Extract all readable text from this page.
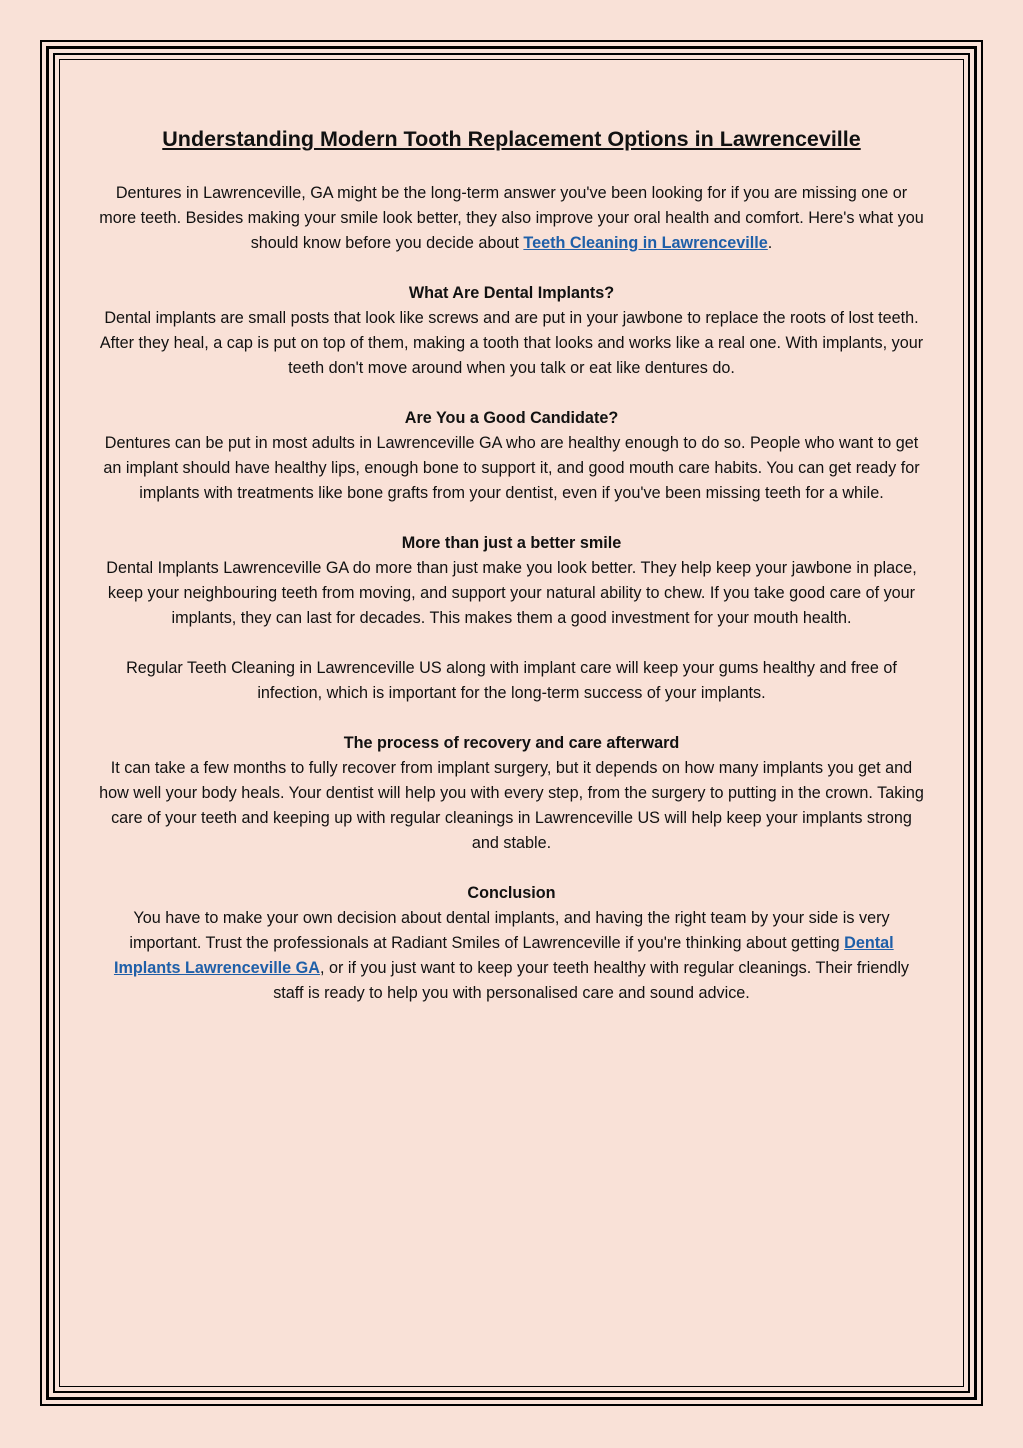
Understanding Modern Tooth Replacement Options in Lawrenceville

Dentures in Lawrenceville, GA might be the long-term answer you've been looking for if you are missing one or more teeth. Besides making your smile look better, they also improve your oral health and comfort. Here's what you should know before you decide about Teeth Cleaning in Lawrenceville.

What Are Dental Implants?

Dental implants are small posts that look like screws and are put in your jawbone to replace the roots of lost teeth. After they heal, a cap is put on top of them, making a tooth that looks and works like a real one. With implants, your teeth don't move around when you talk or eat like dentures do.

Are You a Good Candidate?

Dentures can be put in most adults in Lawrenceville GA who are healthy enough to do so. People who want to get an implant should have healthy lips, enough bone to support it, and good mouth care habits. You can get ready for implants with treatments like bone grafts from your dentist, even if you've been missing teeth for a while.

More than just a better smile

Dental Implants Lawrenceville GA do more than just make you look better. They help keep your jawbone in place, keep your neighbouring teeth from moving, and support your natural ability to chew. If you take good care of your implants, they can last for decades. This makes them a good investment for your mouth health.

Regular Teeth Cleaning in Lawrenceville US along with implant care will keep your gums healthy and free of infection, which is important for the long-term success of your implants.

The process of recovery and care afterward

It can take a few months to fully recover from implant surgery, but it depends on how many implants you get and how well your body heals. Your dentist will help you with every step, from the surgery to putting in the crown. Taking care of your teeth and keeping up with regular cleanings in Lawrenceville US will help keep your implants strong and stable.

Conclusion

You have to make your own decision about dental implants, and having the right team by your side is very important. Trust the professionals at Radiant Smiles of Lawrenceville if you're thinking about getting Dental Implants Lawrenceville GA, or if you just want to keep your teeth healthy with regular cleanings. Their friendly staff is ready to help you with personalised care and sound advice.
